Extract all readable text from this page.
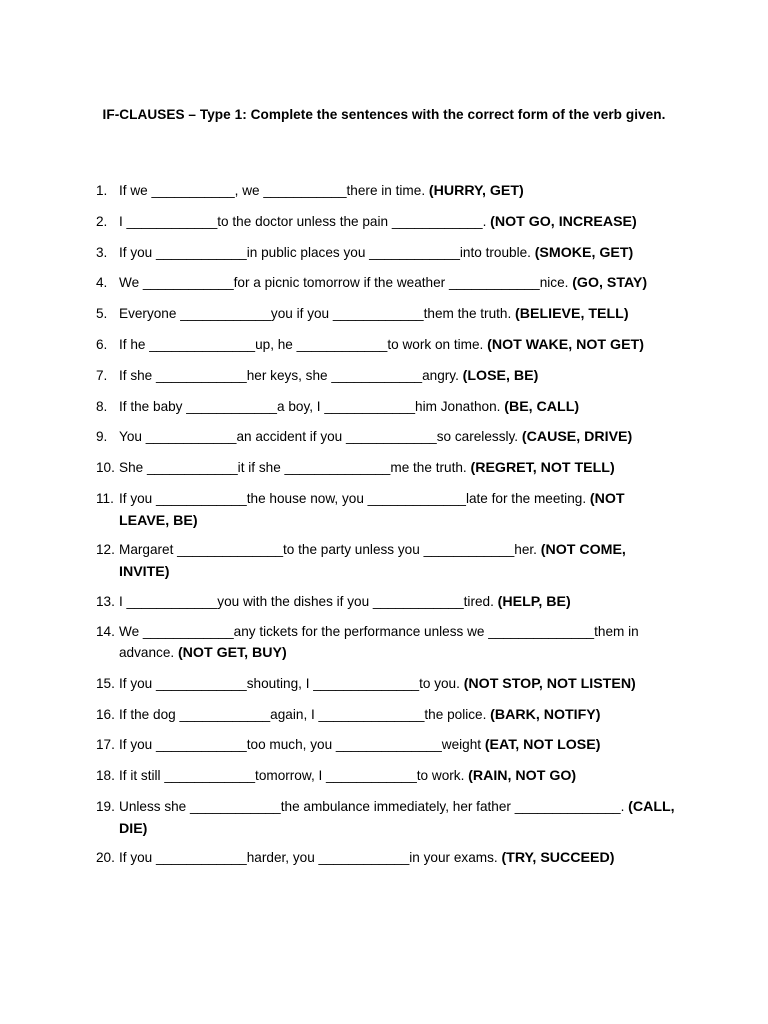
IF-CLAUSES – Type 1: Complete the sentences with the correct form of the verb given.
1. If we ___________, we ___________there in time. (HURRY, GET)
2. I ____________to the doctor unless the pain ____________. (NOT GO, INCREASE)
3. If you ____________in public places you ____________into trouble. (SMOKE, GET)
4. We ____________for a picnic tomorrow if the weather ____________nice. (GO, STAY)
5. Everyone ____________you if you ____________them the truth. (BELIEVE, TELL)
6. If he ______________up, he ____________to work on time. (NOT WAKE, NOT GET)
7. If she ____________her keys, she ____________angry. (LOSE, BE)
8. If the baby ____________a boy, I ____________him Jonathon. (BE, CALL)
9. You ____________an accident if you ____________so carelessly. (CAUSE, DRIVE)
10. She ____________it if she ______________me the truth. (REGRET, NOT TELL)
11. If you ____________the house now, you _____________late for the meeting. (NOT
LEAVE, BE)
12. Margaret ______________to the party unless you ____________her. (NOT COME,
INVITE)
13. I ____________you with the dishes if you ____________tired. (HELP, BE)
14. We ____________any tickets for the performance unless we ______________them in
advance. (NOT GET, BUY)
15. If you ____________shouting, I ______________to you. (NOT STOP, NOT LISTEN)
16. If the dog ____________again, I ______________the police. (BARK, NOTIFY)
17. If you ____________too much, you ______________weight (EAT, NOT LOSE)
18. If it still ____________tomorrow, I ____________to work. (RAIN, NOT GO)
19. Unless she ____________the ambulance immediately, her father ______________. (CALL,
DIE)
20. If you ____________harder, you ____________in your exams. (TRY, SUCCEED)
